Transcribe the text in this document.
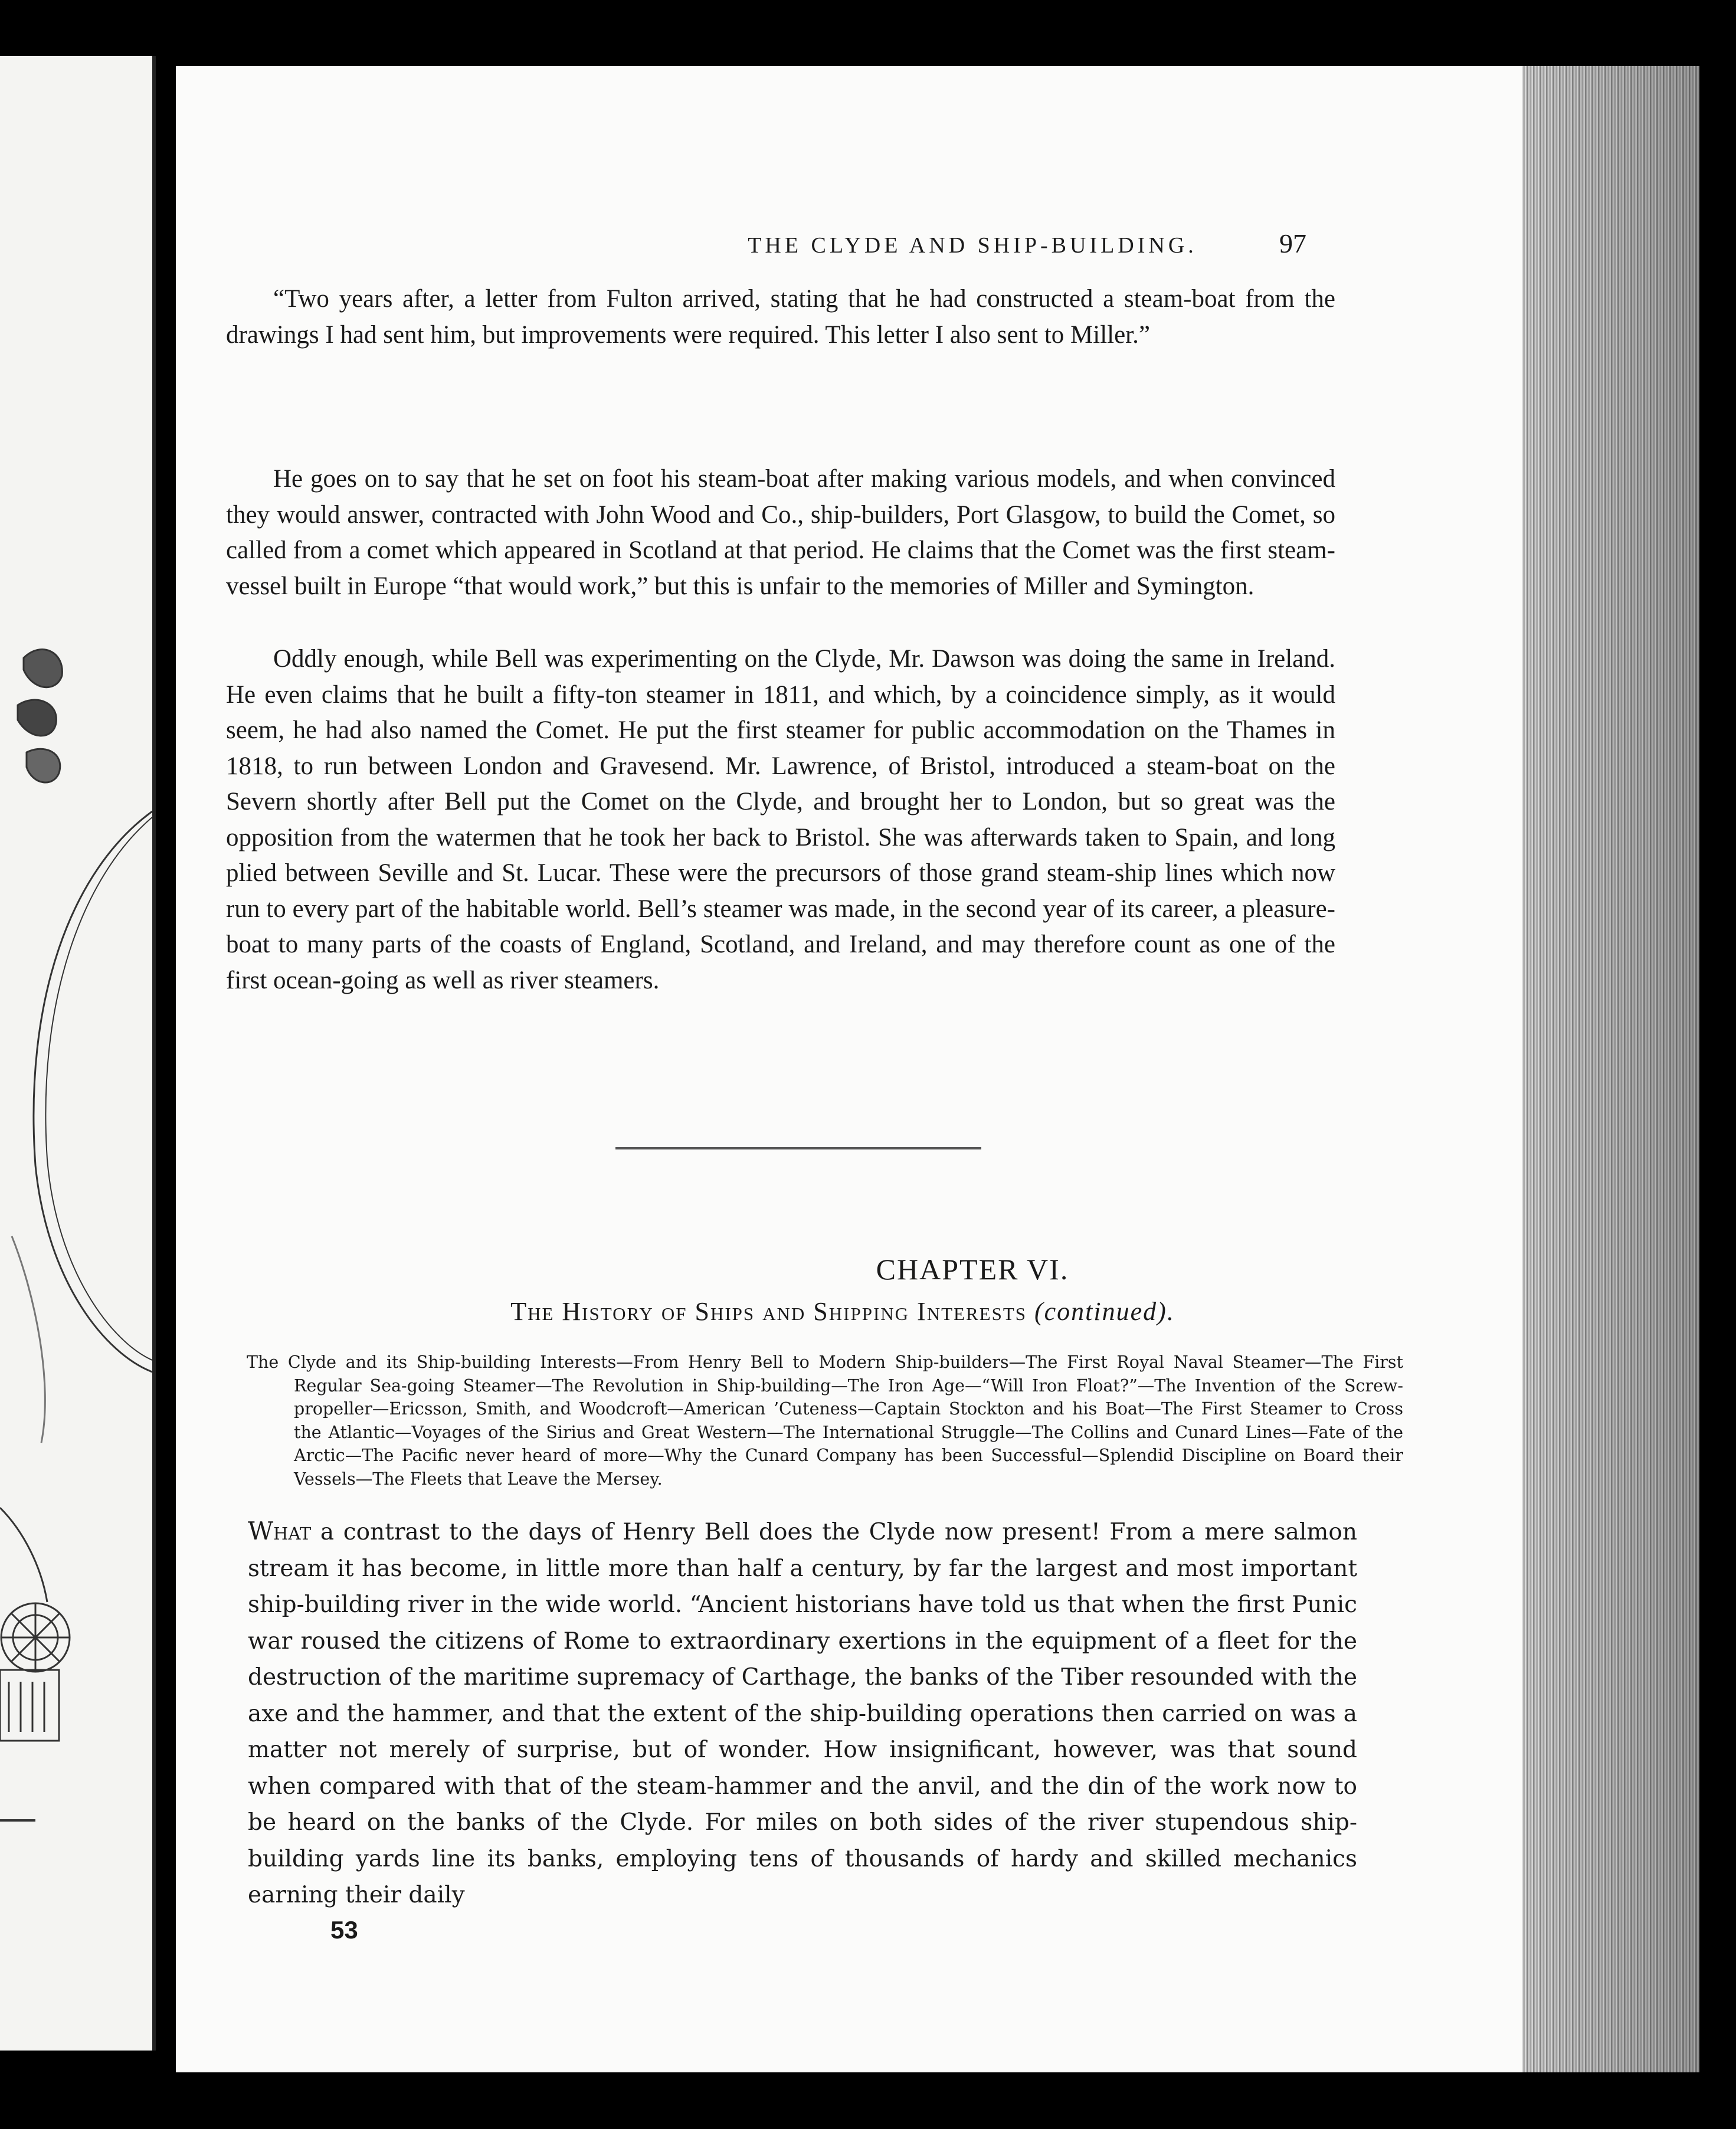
THE CLYDE AND SHIP-BUILDING.	97

“Two years after, a letter from Fulton arrived, stating that he had constructed a steam-boat from the drawings I had sent him, but improvements were required. This letter I also sent to Miller.”

He goes on to say that he set on foot his steam-boat after making various models, and when convinced they would answer, contracted with John Wood and Co., ship-builders, Port Glasgow, to build the Comet, so called from a comet which appeared in Scotland at that period. He claims that the Comet was the first steam-vessel built in Europe “that would work,” but this is unfair to the memories of Miller and Symington.

Oddly enough, while Bell was experimenting on the Clyde, Mr. Dawson was doing the same in Ireland. He even claims that he built a fifty-ton steamer in 1811, and which, by a coincidence simply, as it would seem, he had also named the Comet. He put the first steamer for public accommodation on the Thames in 1818, to run between London and Gravesend. Mr. Lawrence, of Bristol, introduced a steam-boat on the Severn shortly after Bell put the Comet on the Clyde, and brought her to London, but so great was the opposition from the watermen that he took her back to Bristol. She was afterwards taken to Spain, and long plied between Seville and St. Lucar. These were the precursors of those grand steam-ship lines which now run to every part of the habitable world. Bell’s steamer was made, in the second year of its career, a pleasure-boat to many parts of the coasts of England, Scotland, and Ireland, and may therefore count as one of the first ocean-going as well as river steamers.

CHAPTER VI.
The History of Ships and Shipping Interests (continued).

The Clyde and its Ship-building Interests—From Henry Bell to Modern Ship-builders—The First Royal Naval Steamer—The First Regular Sea-going Steamer—The Revolution in Ship-building—The Iron Age—“Will Iron Float?”—The Invention of the Screw-propeller—Ericsson, Smith, and Woodcroft—American ’Cuteness—Captain Stockton and his Boat—The First Steamer to Cross the Atlantic—Voyages of the Sirius and Great Western—The International Struggle—The Collins and Cunard Lines—Fate of the Arctic—The Pacific never heard of more—Why the Cunard Company has been Successful—Splendid Discipline on Board their Vessels—The Fleets that Leave the Mersey.

What a contrast to the days of Henry Bell does the Clyde now present! From a mere salmon stream it has become, in little more than half a century, by far the largest and most important ship-building river in the wide world. “Ancient historians have told us that when the first Punic war roused the citizens of Rome to extraordinary exertions in the equipment of a fleet for the destruction of the maritime supremacy of Carthage, the banks of the Tiber resounded with the axe and the hammer, and that the extent of the ship-building operations then carried on was a matter not merely of surprise, but of wonder. How insignificant, however, was that sound when compared with that of the steam-hammer and the anvil, and the din of the work now to be heard on the banks of the Clyde. For miles on both sides of the river stupendous ship-building yards line its banks, employing tens of thousands of hardy and skilled mechanics earning their daily

53
